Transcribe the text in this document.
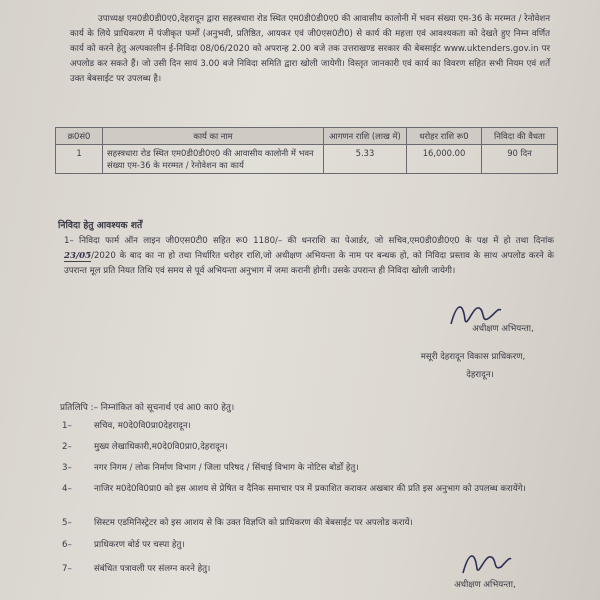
उपाध्यक्ष एम0डी0डी0ए0,देहरादून द्वारा सहस्त्रधारा रोड स्थित एम0डी0डी0ए0 की आवासीय कालोनी में भवन संख्या एम-36 के मरम्मत / रेनोवेशन कार्य के लिये प्राधिकरण में पंजीकृत फर्मों (अनुभवी, प्रतिष्ठित, आयकर एवं जी0एस0टी0) से कार्य की महत्ता एवं आवश्यकता को देखते हुए निम्न वर्णित कार्य को करने हेतु अल्पकालीन ई-निविदा 08/06/2020 को अपरान्ह 2.00 बजे तक उत्तराखण्ड सरकार की बेबसाईट www.uktenders.gov.in पर अपलोड कर सकते हैं। जो उसी दिन सायं 3.00 बजे निविदा समिति द्वारा खोली जायेगी। विस्तृत जानकारी एवं कार्य का विवरण सहित सभी नियम एवं शर्तें उक्त बेबसाईट पर उपलब्ध है।
क्र0सं0	कार्य का नाम	आगणन राशि (लाख में)	धरोहर राशि रू0	निविदा की वैधता
1	सहस्त्रधारा रोड स्थित एम0डी0डी0ए0 की आवासीय कालोनी में भवन संख्या एम-36 के मरम्मत / रेनोवेशन का कार्य	5.33	16,000.00	90 दिन
निविदा हेतु आवश्यक शर्तें
1– निविदा फार्म ऑन लाइन जी0एस0टी0 सहित रू0 1180/– की धनराशि का पेआर्डर, जो सचिव,एम0डी0डी0ए0 के पक्ष में हो तथा दिनांक 23/05/2020 के बाद का ना हो तथा निर्धारित धरोहर राशि,जो अधीक्षण अभियन्ता के नाम पर बन्धक हो, को निविदा प्रस्ताव के साथ अपलोड करने के उपरान्त मूल प्रति नियत तिथि एवं समय से पूर्व अभियन्ता अनुभाग में जमा करानी होगी। उसके उपरान्त ही निविदा खोली जायेगी।
अधीक्षण अभियन्ता,
मसूरी देहरादून विकास प्राधिकरण,
देहरादून।
प्रतिलिपि :– निम्नांकित को सूचनार्थ एवं आ0 का0 हेतु।
1–	सचिव, म0दे0वि0प्रा0देहरादून।
2–	मुख्य लेखाधिकारी,म0दे0वि0प्रा0,देहरादून।
3–	नगर निगम / लोक निर्माण विभाग / जिला परिषद / सिंचाई विभाग के नोटिस बोर्डों हेतु।
4–	नाजिर म0दे0वि0प्रा0 को इस आशय से प्रेषित व दैनिक समाचार पत्र में प्रकाशित कराकर अखबार की प्रति इस अनुभाग को उपलब्ध करायेंगे।
5–	सिस्टम एडमिनिस्ट्रेटर को इस आशय से कि उक्त विज्ञप्ति को प्राधिकरण की बेबसाईट पर अपलोड करायें।
6–	प्राधिकरण बोर्ड पर चस्पा हेतु।
7–	संबंधित पत्रावली पर संलग्न करने हेतु।
अधीक्षण अभियन्ता,
